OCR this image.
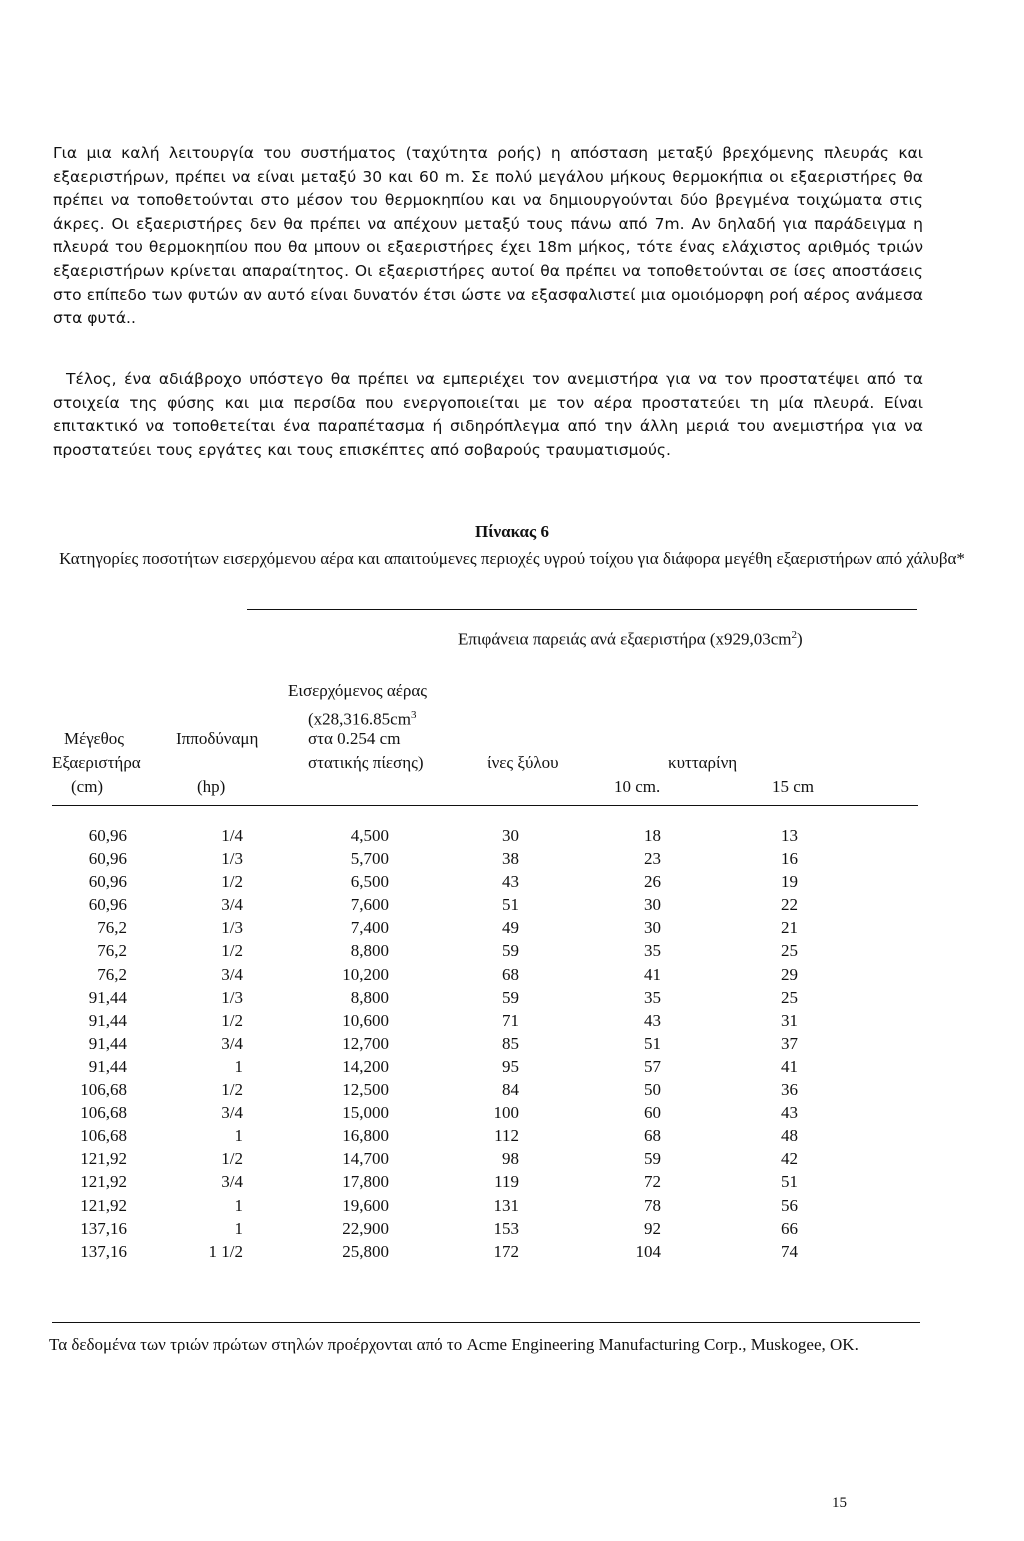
Για μια καλή λειτουργία του συστήματος (ταχύτητα ροής) η απόσταση μεταξύ βρεχόμενης πλευράς και εξαεριστήρων, πρέπει να είναι μεταξύ 30 και 60 m. Σε πολύ μεγάλου μήκους θερμοκήπια οι εξαεριστήρες θα πρέπει να τοποθετούνται στο μέσον του θερμοκηπίου και να δημιουργούνται δύο βρεγμένα τοιχώματα στις άκρες. Οι εξαεριστήρες δεν θα πρέπει να απέχουν μεταξύ τους πάνω από 7m. Αν δηλαδή για παράδειγμα η πλευρά του θερμοκηπίου που θα μπουν οι εξαεριστήρες έχει 18m μήκος, τότε ένας ελάχιστος αριθμός τριών εξαεριστήρων κρίνεται απαραίτητος. Οι εξαεριστήρες αυτοί θα πρέπει να τοποθετούνται σε ίσες αποστάσεις στο επίπεδο των φυτών αν αυτό είναι δυνατόν έτσι ώστε να εξασφαλιστεί μια ομοιόμορφη ροή αέρος ανάμεσα στα φυτά..

Τέλος, ένα αδιάβροχο υπόστεγο θα πρέπει να εμπεριέχει τον ανεμιστήρα για να τον προστατέψει από τα στοιχεία της φύσης και μια περσίδα που ενεργοποιείται με τον αέρα προστατεύει τη μία πλευρά. Είναι επιτακτικό να τοποθετείται ένα παραπέτασμα ή σιδηρόπλεγμα από την άλλη μεριά του ανεμιστήρα για να προστατεύει τους εργάτες και τους επισκέπτες από σοβαρούς τραυματισμούς.

Πίνακας 6
Κατηγορίες ποσοτήτων εισερχόμενου αέρα και απαιτούμενες περιοχές υγρού τοίχου για διάφορα μεγέθη εξαεριστήρων από χάλυβα*
Επιφάνεια παρειάς ανά εξαεριστήρα $(x929,03cm^2)$
Εισερχόμενος αέρας
($x28,316.85cm^3$
στα 0.254 cm
στατικής πίεσης)
Μέγεθος
Εξαεριστήρα
(cm)
Ιπποδύναμη
(hp)
ίνες ξύλου	κυτταρίνη
10 cm.	15 cm
60,96	1/4	4,500	30	18	13
60,96	1/3	5,700	38	23	16
60,96	1/2	6,500	43	26	19
60,96	3/4	7,600	51	30	22
76,2	1/3	7,400	49	30	21
76,2	1/2	8,800	59	35	25
76,2	3/4	10,200	68	41	29
91,44	1/3	8,800	59	35	25
91,44	1/2	10,600	71	43	31
91,44	3/4	12,700	85	51	37
91,44	1	14,200	95	57	41
106,68	1/2	12,500	84	50	36
106,68	3/4	15,000	100	60	43
106,68	1	16,800	112	68	48
121,92	1/2	14,700	98	59	42
121,92	3/4	17,800	119	72	51
121,92	1	19,600	131	78	56
137,16	1	22,900	153	92	66
137,16	1 1/2	25,800	172	104	74
Τα δεδομένα των τριών πρώτων στηλών προέρχονται από το Acme Engineering Manufacturing Corp., Muskogee, OK.
15
